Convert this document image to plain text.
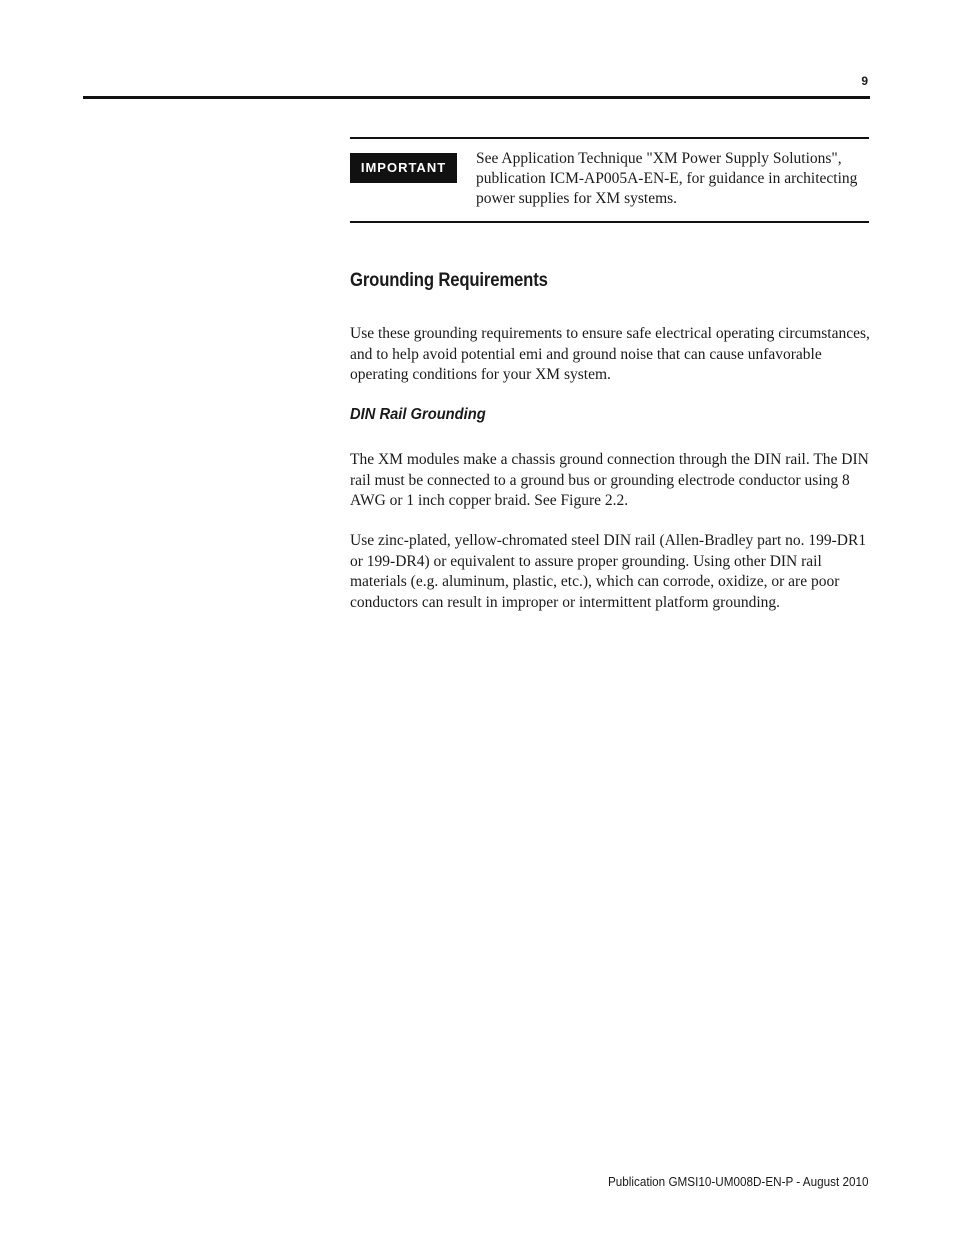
9
IMPORTANT
See Application Technique "XM Power Supply Solutions", publication ICM-AP005A-EN-E, for guidance in architecting power supplies for XM systems.
Grounding Requirements

Use these grounding requirements to ensure safe electrical operating circumstances, and to help avoid potential emi and ground noise that can cause unfavorable operating conditions for your XM system.

DIN Rail Grounding

The XM modules make a chassis ground connection through the DIN rail. The DIN rail must be connected to a ground bus or grounding electrode conductor using 8 AWG or 1 inch copper braid. See Figure 2.2.

Use zinc-plated, yellow-chromated steel DIN rail (Allen-Bradley part no. 199-DR1 or 199-DR4) or equivalent to assure proper grounding. Using other DIN rail materials (e.g. aluminum, plastic, etc.), which can corrode, oxidize, or are poor conductors can result in improper or intermittent platform grounding.

Publication GMSI10-UM008D-EN-P - August 2010
